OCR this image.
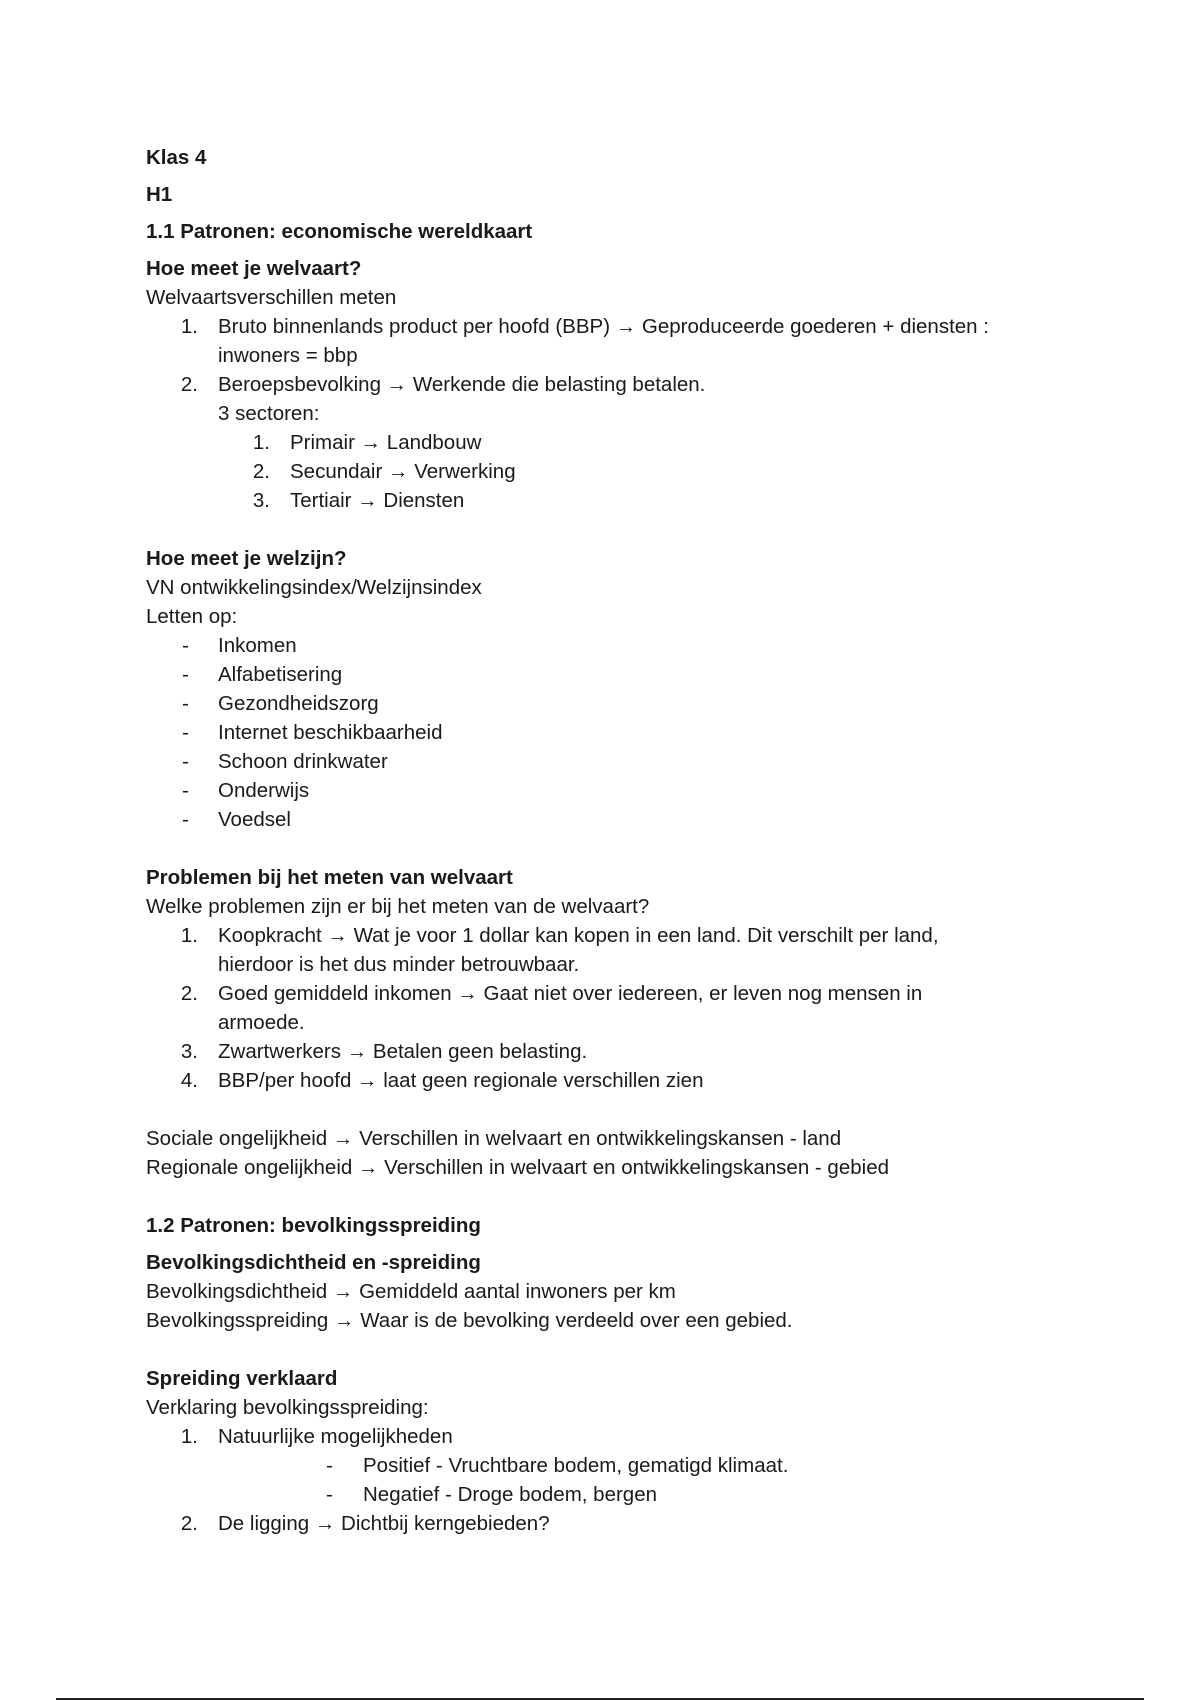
Klas 4
H1
1.1 Patronen: economische wereldkaart
Hoe meet je welvaart?
Welvaartsverschillen meten
1. Bruto binnenlands product per hoofd (BBP) → Geproduceerde goederen + diensten :
inwoners = bbp
2. Beroepsbevolking → Werkende die belasting betalen.
3 sectoren:
1. Primair → Landbouw
2. Secundair → Verwerking
3. Tertiair → Diensten
Hoe meet je welzijn?
VN ontwikkelingsindex/Welzijnsindex
Letten op:
- Inkomen
- Alfabetisering
- Gezondheidszorg
- Internet beschikbaarheid
- Schoon drinkwater
- Onderwijs
- Voedsel
Problemen bij het meten van welvaart
Welke problemen zijn er bij het meten van de welvaart?
1. Koopkracht → Wat je voor 1 dollar kan kopen in een land. Dit verschilt per land,
hierdoor is het dus minder betrouwbaar.
2. Goed gemiddeld inkomen → Gaat niet over iedereen, er leven nog mensen in
armoede.
3. Zwartwerkers → Betalen geen belasting.
4. BBP/per hoofd → laat geen regionale verschillen zien
Sociale ongelijkheid → Verschillen in welvaart en ontwikkelingskansen - land
Regionale ongelijkheid → Verschillen in welvaart en ontwikkelingskansen - gebied
1.2 Patronen: bevolkingsspreiding
Bevolkingsdichtheid en -spreiding
Bevolkingsdichtheid → Gemiddeld aantal inwoners per km
Bevolkingsspreiding → Waar is de bevolking verdeeld over een gebied.
Spreiding verklaard
Verklaring bevolkingsspreiding:
1. Natuurlijke mogelijkheden
- Positief - Vruchtbare bodem, gematigd klimaat.
- Negatief - Droge bodem, bergen
2. De ligging → Dichtbij kerngebieden?
